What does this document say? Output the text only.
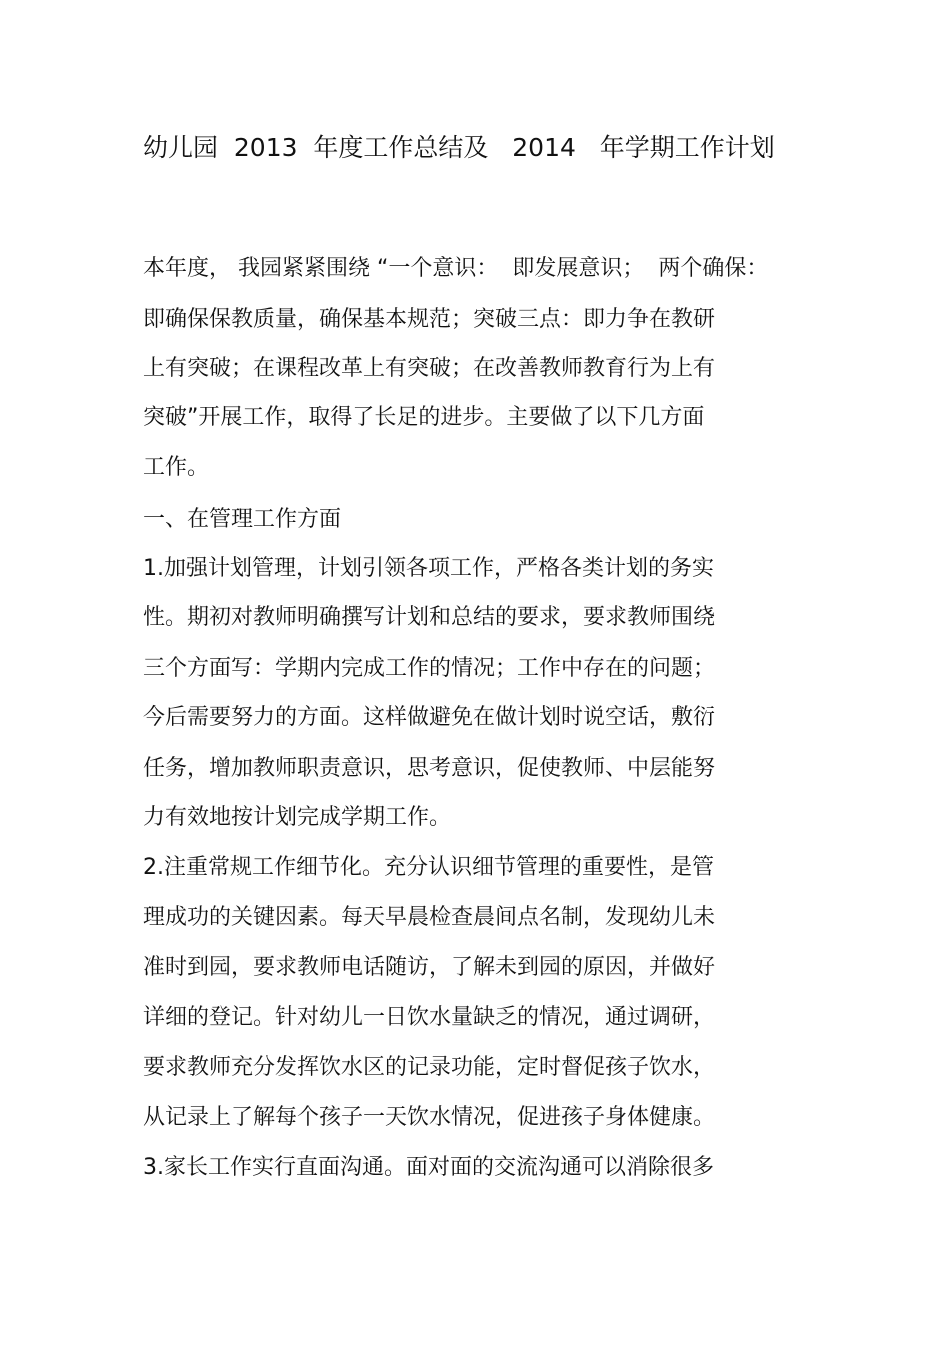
幼儿园  2013  年度工作总结及   2014   年学期工作计划

本年度， 我园紧紧围绕 “一个意识：  即发展意识；  两个确保：

即确保保教质量，确保基本规范；突破三点：即力争在教研

上有突破；在课程改革上有突破；在改善教师教育行为上有

突破”开展工作，取得了长足的进步。主要做了以下几方面

工作。

一、在管理工作方面

1.加强计划管理，计划引领各项工作，严格各类计划的务实

性。期初对教师明确撰写计划和总结的要求，要求教师围绕

三个方面写：学期内完成工作的情况；工作中存在的问题；

今后需要努力的方面。这样做避免在做计划时说空话，敷衍

任务，增加教师职责意识，思考意识，促使教师、中层能努

力有效地按计划完成学期工作。

2.注重常规工作细节化。充分认识细节管理的重要性，是管

理成功的关键因素。每天早晨检查晨间点名制，发现幼儿未

准时到园，要求教师电话随访，了解未到园的原因，并做好

详细的登记。针对幼儿一日饮水量缺乏的情况，通过调研，

要求教师充分发挥饮水区的记录功能，定时督促孩子饮水，

从记录上了解每个孩子一天饮水情况，促进孩子身体健康。

3.家长工作实行直面沟通。面对面的交流沟通可以消除很多
